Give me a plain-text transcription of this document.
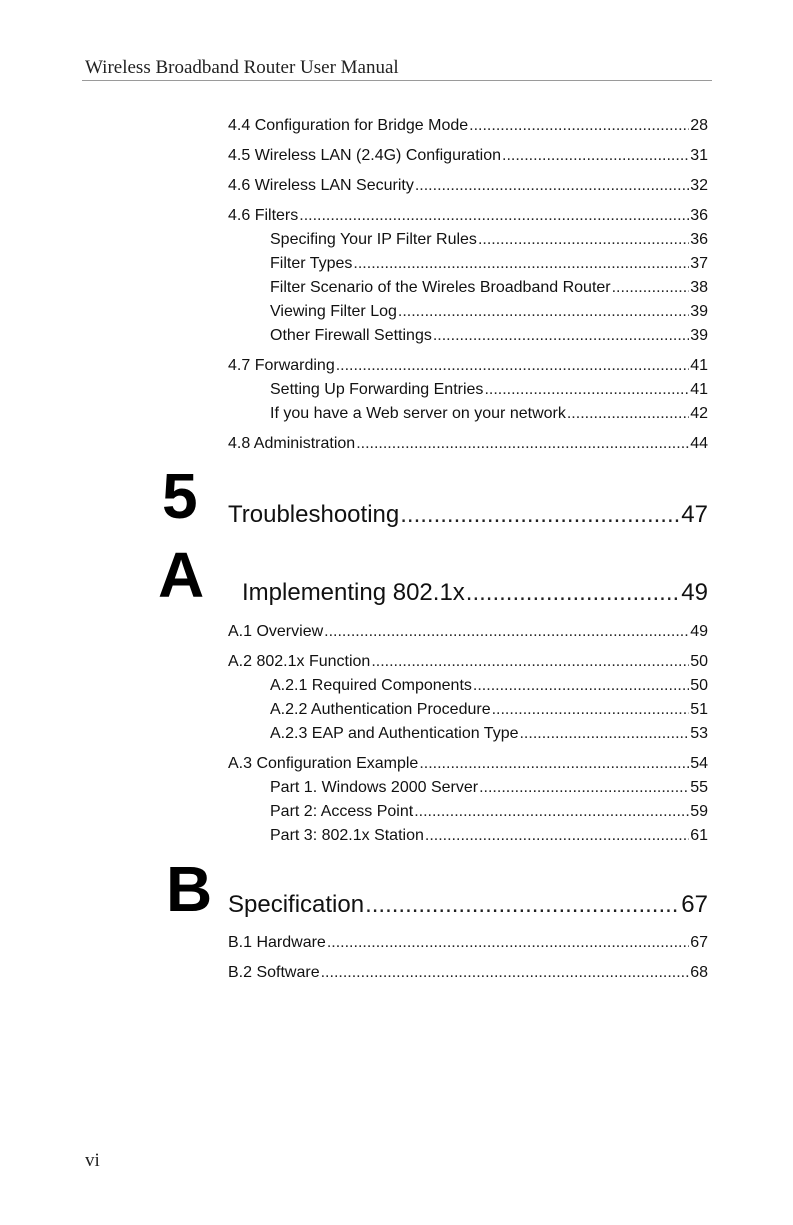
Wireless Broadband Router User Manual
4.4 Configuration for Bridge Mode .....	28
4.5 Wireless LAN (2.4G) Configuration .....	31
4.6 Wireless LAN Security .....	32
4.6 Filters .....	36
Specifing Your IP Filter Rules .....	36
Filter Types .....	37
Filter Scenario of the Wireles Broadband Router .....	38
Viewing Filter Log .....	39
Other Firewall Settings .....	39
4.7 Forwarding .....	41
Setting Up Forwarding Entries .....	41
If you have a Web server on your network .....	42
4.8 Administration .....	44
5 Troubleshooting .....	47
A Implementing 802.1x .....	49
A.1 Overview .....	49
A.2 802.1x Function .....	50
A.2.1 Required Components .....	50
A.2.2 Authentication Procedure .....	51
A.2.3 EAP and Authentication Type .....	53
A.3 Configuration Example .....	54
Part 1. Windows 2000 Server .....	55
Part 2: Access Point .....	59
Part 3: 802.1x Station .....	61
B Specification .....	67
B.1 Hardware .....	67
B.2 Software .....	68
vi
